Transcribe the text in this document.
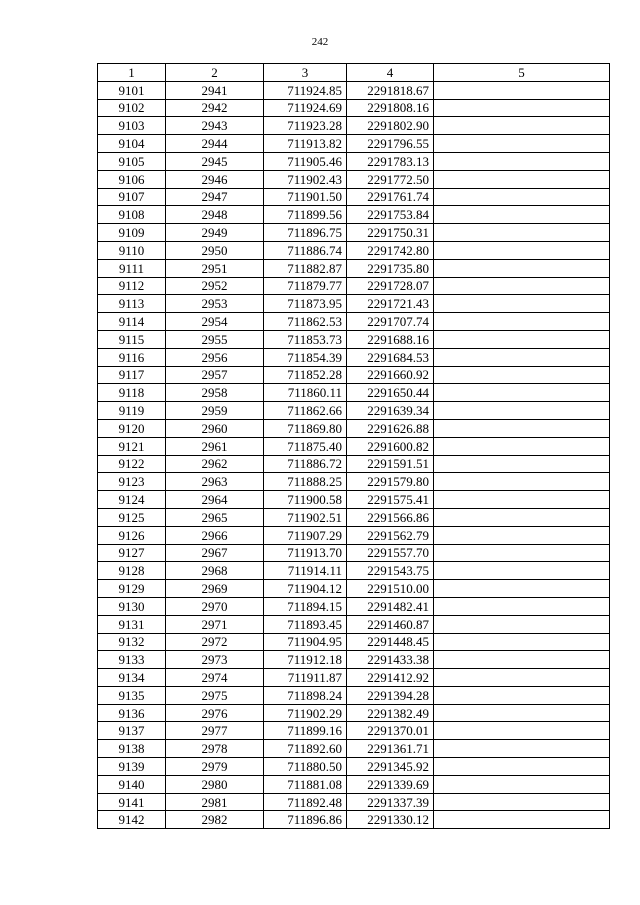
242
1	2	3	4	5
9101	2941	711924.85	2291818.67	
9102	2942	711924.69	2291808.16	
9103	2943	711923.28	2291802.90	
9104	2944	711913.82	2291796.55	
9105	2945	711905.46	2291783.13	
9106	2946	711902.43	2291772.50	
9107	2947	711901.50	2291761.74	
9108	2948	711899.56	2291753.84	
9109	2949	711896.75	2291750.31	
9110	2950	711886.74	2291742.80	
9111	2951	711882.87	2291735.80	
9112	2952	711879.77	2291728.07	
9113	2953	711873.95	2291721.43	
9114	2954	711862.53	2291707.74	
9115	2955	711853.73	2291688.16	
9116	2956	711854.39	2291684.53	
9117	2957	711852.28	2291660.92	
9118	2958	711860.11	2291650.44	
9119	2959	711862.66	2291639.34	
9120	2960	711869.80	2291626.88	
9121	2961	711875.40	2291600.82	
9122	2962	711886.72	2291591.51	
9123	2963	711888.25	2291579.80	
9124	2964	711900.58	2291575.41	
9125	2965	711902.51	2291566.86	
9126	2966	711907.29	2291562.79	
9127	2967	711913.70	2291557.70	
9128	2968	711914.11	2291543.75	
9129	2969	711904.12	2291510.00	
9130	2970	711894.15	2291482.41	
9131	2971	711893.45	2291460.87	
9132	2972	711904.95	2291448.45	
9133	2973	711912.18	2291433.38	
9134	2974	711911.87	2291412.92	
9135	2975	711898.24	2291394.28	
9136	2976	711902.29	2291382.49	
9137	2977	711899.16	2291370.01	
9138	2978	711892.60	2291361.71	
9139	2979	711880.50	2291345.92	
9140	2980	711881.08	2291339.69	
9141	2981	711892.48	2291337.39	
9142	2982	711896.86	2291330.12	
